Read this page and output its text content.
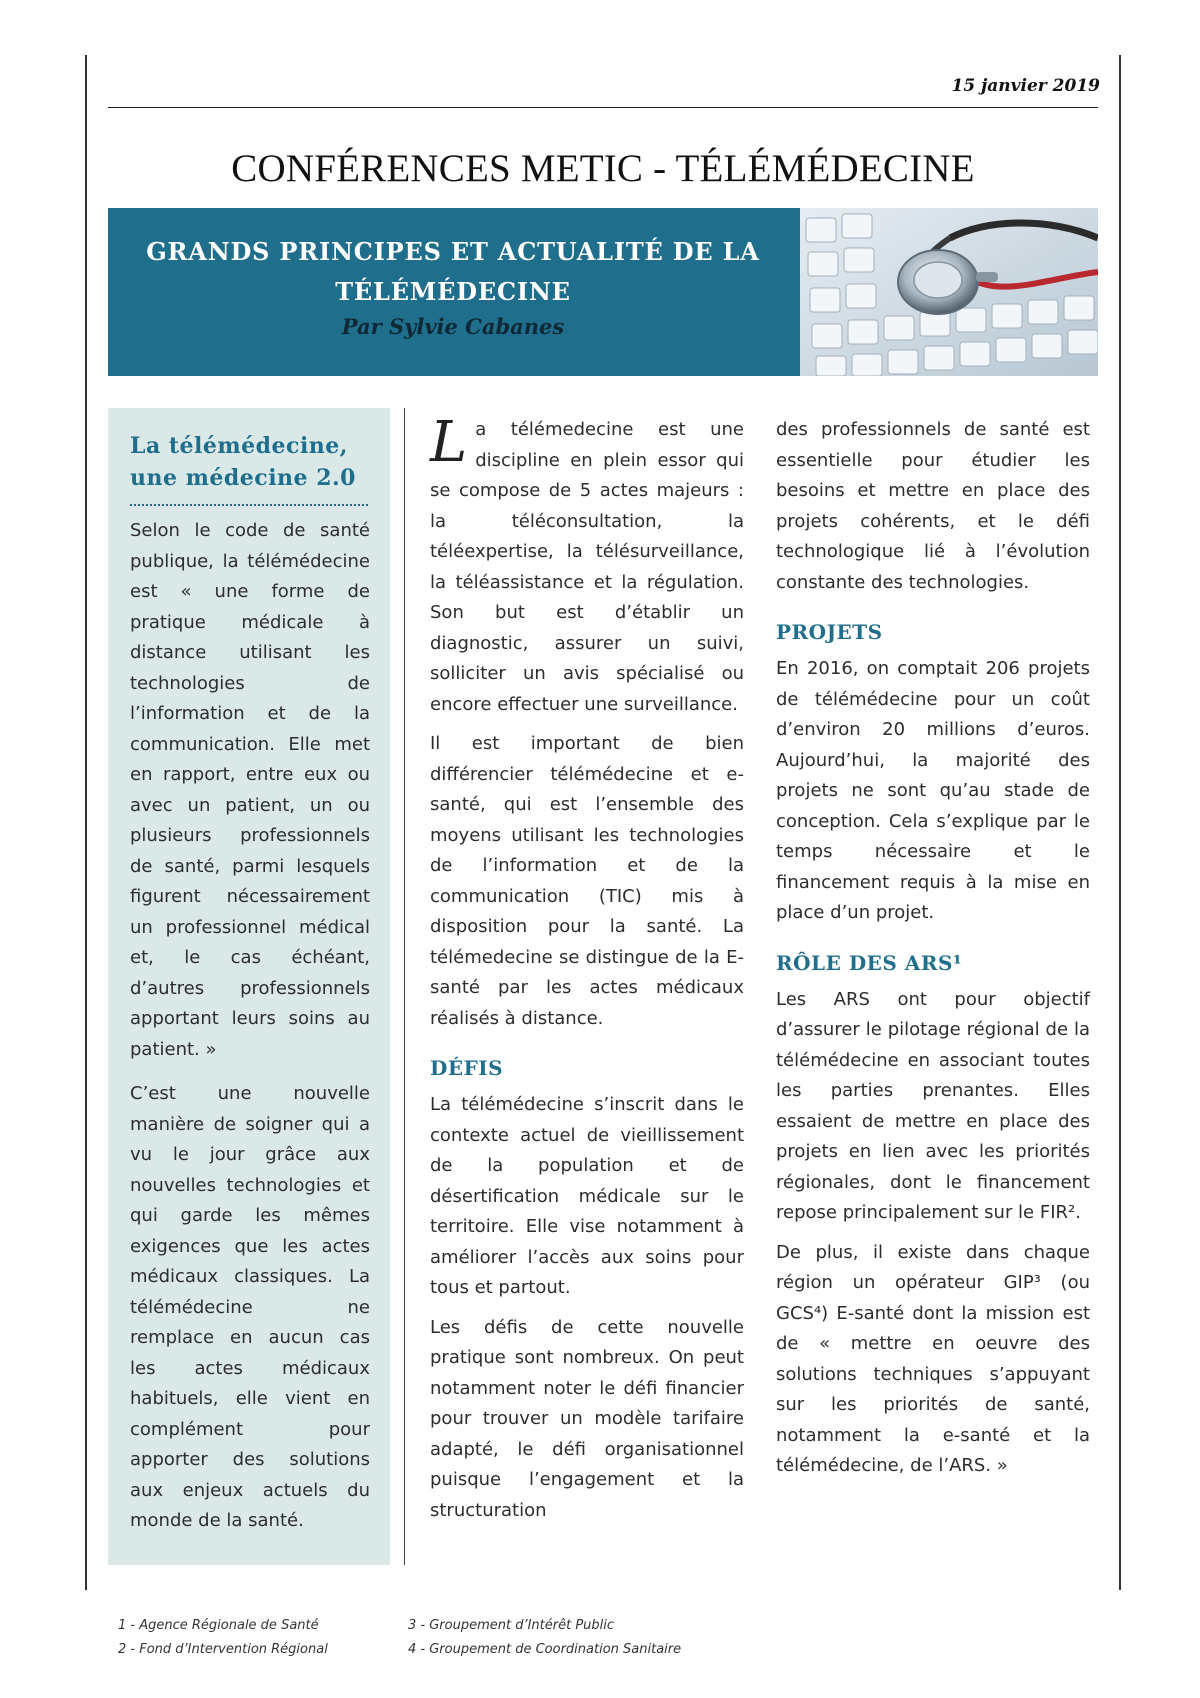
15 janvier 2019
CONFÉRENCES METIC - TÉLÉMÉDECINE
GRANDS PRINCIPES ET ACTUALITÉ DE LA
TÉLÉMÉDECINE
Par Sylvie Cabanes
La télémédecine, une médecine 2.0

Selon le code de santé publique, la télémédecine est « une forme de pratique médicale à distance utilisant les technologies de l’information et de la communication. Elle met en rapport, entre eux ou avec un patient, un ou plusieurs professionnels de santé, parmi lesquels figurent nécessairement un professionnel médical et, le cas échéant, d’autres professionnels apportant leurs soins au patient. »

C’est une nouvelle manière de soigner qui a vu le jour grâce aux nouvelles technologies et qui garde les mêmes exigences que les actes médicaux classiques. La télémédecine ne remplace en aucun cas les actes médicaux habituels, elle vient en complément pour apporter des solutions aux enjeux actuels du monde de la santé.

La télémedecine est une discipline en plein essor qui se compose de 5 actes majeurs : la téléconsultation, la téléexpertise, la télésurveillance, la téléassistance et la régulation. Son but est d’établir un diagnostic, assurer un suivi, solliciter un avis spécialisé ou encore effectuer une surveillance.

Il est important de bien différencier télémédecine et e-santé, qui est l’ensemble des moyens utilisant les technologies de l’information et de la communication (TIC) mis à disposition pour la santé. La télémedecine se distingue de la E-santé par les actes médicaux réalisés à distance.

DÉFIS

La télémédecine s’inscrit dans le contexte actuel de vieillissement de la population et de désertification médicale sur le territoire. Elle vise notamment à améliorer l’accès aux soins pour tous et partout.

Les défis de cette nouvelle pratique sont nombreux. On peut notamment noter le défi financier pour trouver un modèle tarifaire adapté, le défi organisationnel puisque l’engagement et la structuration

des professionnels de santé est essentielle pour étudier les besoins et mettre en place des projets cohérents, et le défi technologique lié à l’évolution constante des technologies.

PROJETS

En 2016, on comptait 206 projets de télémédecine pour un coût d’environ 20 millions d’euros. Aujourd’hui, la majorité des projets ne sont qu’au stade de conception. Cela s’explique par le temps nécessaire et le financement requis à la mise en place d’un projet.

RÔLE DES ARS¹

Les ARS ont pour objectif d’assurer le pilotage régional de la télémédecine en associant toutes les parties prenantes. Elles essaient de mettre en place des projets en lien avec les priorités régionales, dont le financement repose principalement sur le FIR².

De plus, il existe dans chaque région un opérateur GIP³ (ou GCS⁴) E-santé dont la mission est de « mettre en oeuvre des solutions techniques s’appuyant sur les priorités de santé, notamment la e-santé et la télémédecine, de l’ARS. »

1 - Agence Régionale de Santé
2 - Fond d’Intervention Régional
3 - Groupement d’Intérêt Public
4 - Groupement de Coordination Sanitaire
